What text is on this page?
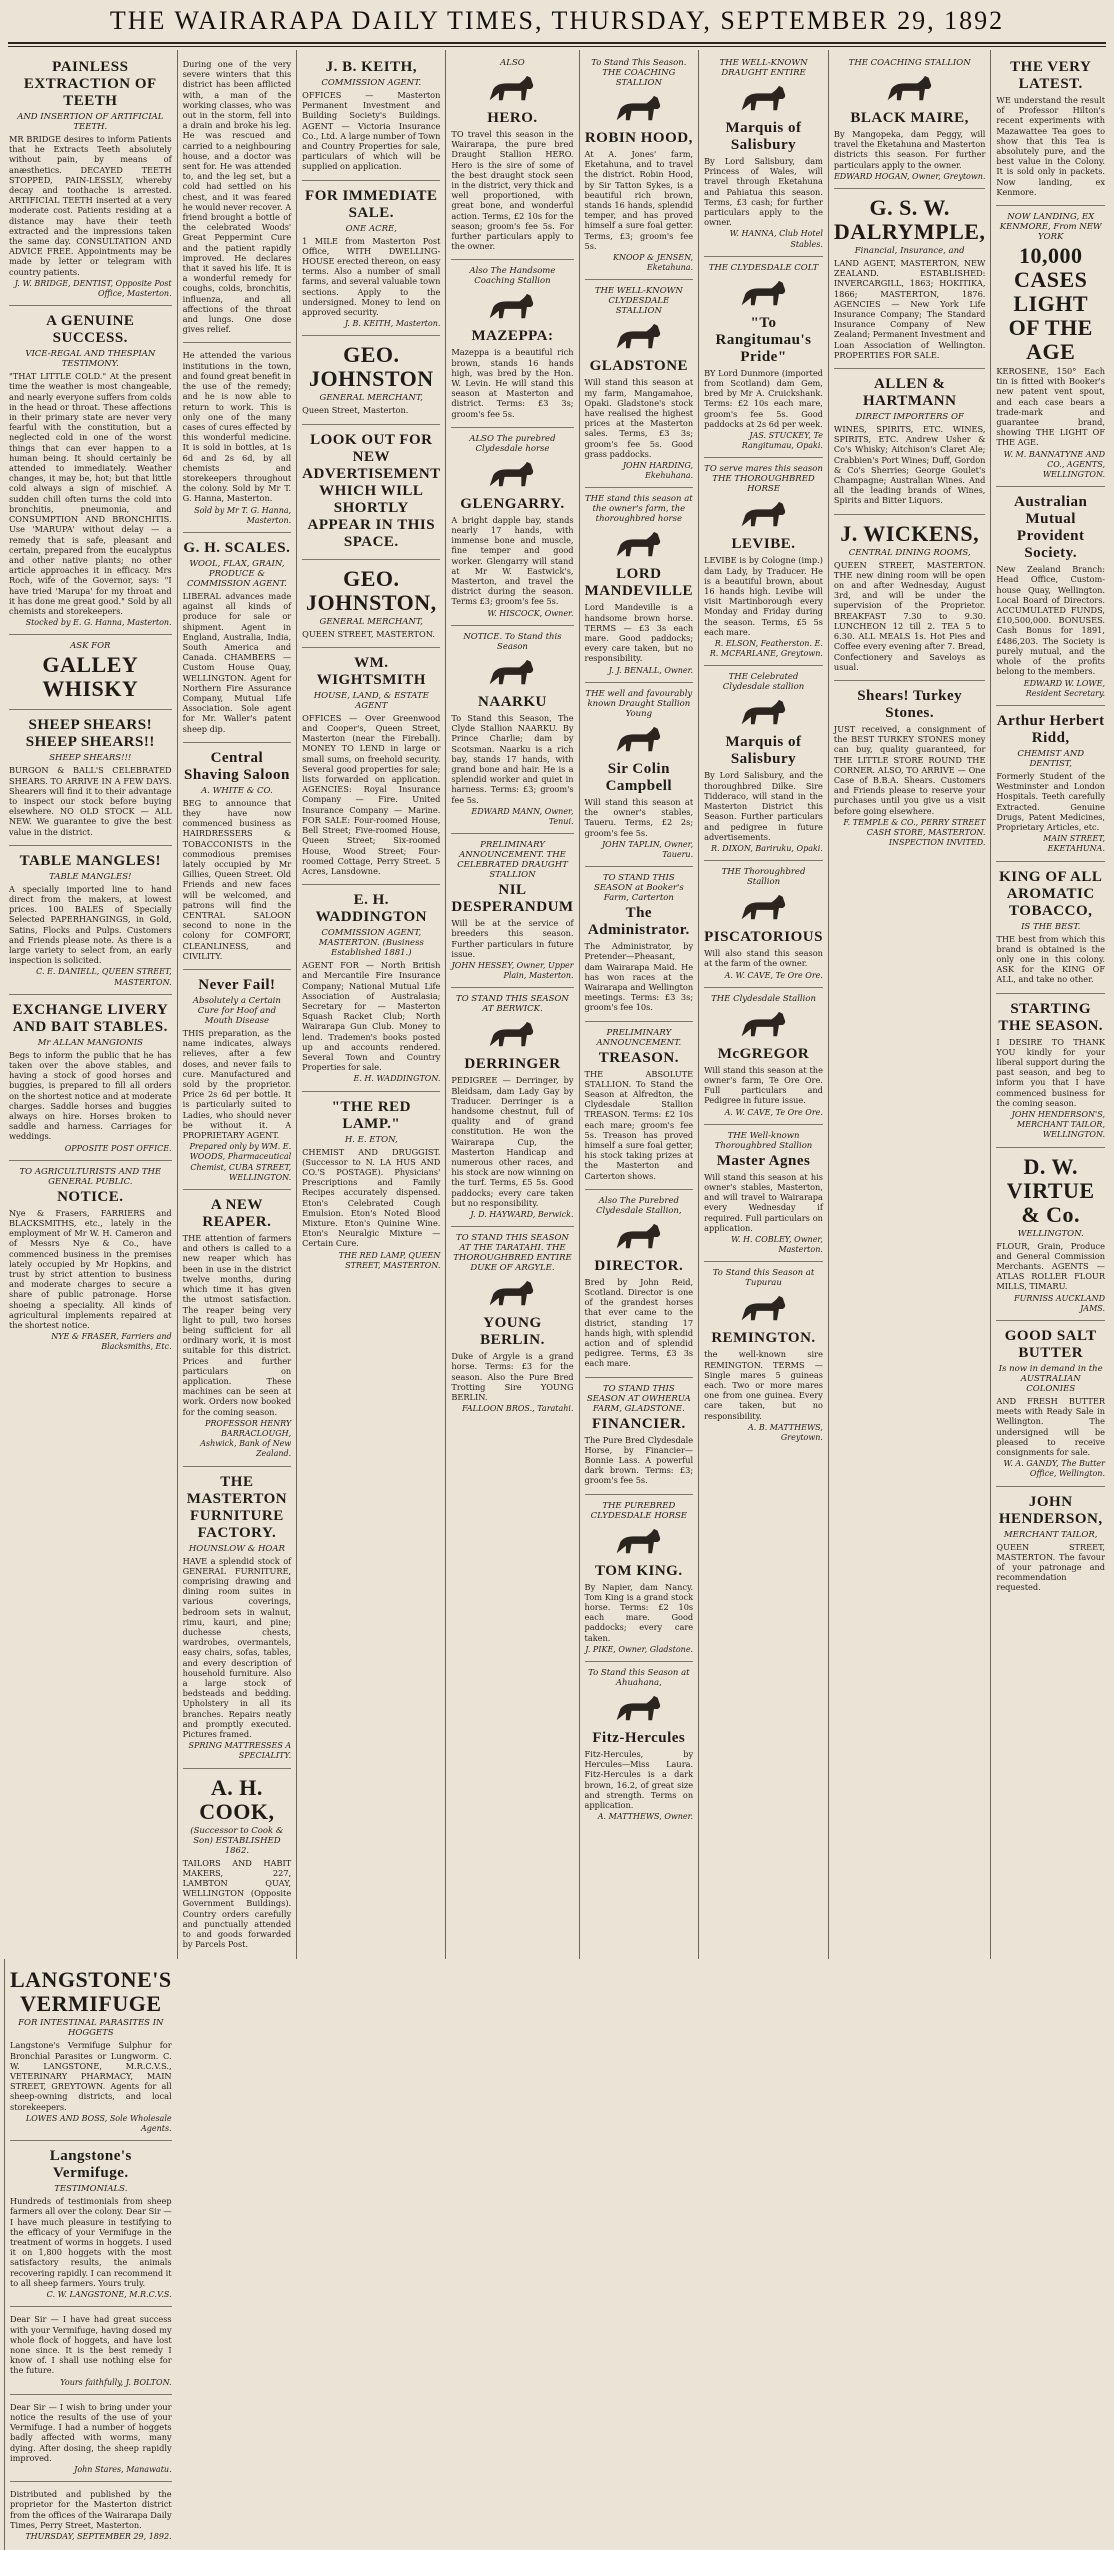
THE WAIRARAPA DAILY TIMES, THURSDAY, SEPTEMBER 29, 1892
PAINLESS EXTRACTION OF TEETH
AND INSERTION OF ARTIFICIAL TEETH.
MR BRIDGE desires to inform Patients that he Extracts Teeth absolutely without pain, by means of anæsthetics. DECAYED TEETH STOPPED, PAIN-LESSLY, whereby decay and toothache is arrested. ARTIFICIAL TEETH inserted at a very moderate cost. Patients residing at a distance may have their teeth extracted and the impressions taken the same day. CONSULTATION AND ADVICE FREE. Appointments may be made by letter or telegram with country patients.
J. W. BRIDGE, DENTIST, Opposite Post Office, Masterton.
A GENUINE SUCCESS.
VICE-REGAL AND THESPIAN TESTIMONY.
"THAT LITTLE COLD." At the present time the weather is most changeable, and nearly everyone suffers from colds in the head or throat. These affections in their primary state are never very fearful with the constitution, but a neglected cold in one of the worst things that can ever happen to a human being. It should certainly be attended to immediately. Weather changes, it may be, hot; but that little cold always a sign of mischief. A sudden chill often turns the cold into bronchitis, pneumonia, and CONSUMPTION AND BRONCHITIS. Use 'MARUPA' without delay — a remedy that is safe, pleasant and certain, prepared from the eucalyptus and other native plants; no other article approaches it in efficacy. Mrs Roch, wife of the Governor, says: "I have tried 'Marupa' for my throat and it has done me great good." Sold by all chemists and storekeepers.
Stocked by E. G. Hanna, Masterton.
ASK FOR
GALLEY WHISKY
SHEEP SHEARS! SHEEP SHEARS!!
SHEEP SHEARS!!!
BURGON & BALL'S CELEBRATED SHEARS. TO ARRIVE IN A FEW DAYS. Shearers will find it to their advantage to inspect our stock before buying elsewhere. NO OLD STOCK — ALL NEW. We guarantee to give the best value in the district.
TABLE MANGLES!
TABLE MANGLES!
A specially imported line to hand direct from the makers, at lowest prices. 100 BALES of Specially Selected PAPERHANGINGS, in Gold, Satins, Flocks and Pulps. Customers and Friends please note. As there is a large variety to select from, an early inspection is solicited.
C. E. DANIELL, QUEEN STREET, MASTERTON.
EXCHANGE LIVERY AND BAIT STABLES.
Mr ALLAN MANGIONIS
Begs to inform the public that he has taken over the above stables, and having a stock of good horses and buggies, is prepared to fill all orders on the shortest notice and at moderate charges. Saddle horses and buggies always on hire. Horses broken to saddle and harness. Carriages for weddings.
OPPOSITE POST OFFICE.
TO AGRICULTURISTS AND THE GENERAL PUBLIC.
NOTICE.
Nye & Frasers, FARRIERS and BLACKSMITHS, etc., lately in the employment of Mr W. H. Cameron and of Messrs Nye & Co., have commenced business in the premises lately occupied by Mr Hopkins, and trust by strict attention to business and moderate charges to secure a share of public patronage. Horse shoeing a speciality. All kinds of agricultural implements repaired at the shortest notice.
NYE & FRASER, Farriers and Blacksmiths, Etc.
During one of the very severe winters that this district has been afflicted with, a man of the working classes, who was out in the storm, fell into a drain and broke his leg. He was rescued and carried to a neighbouring house, and a doctor was sent for. He was attended to, and the leg set, but a cold had settled on his chest, and it was feared he would never recover. A friend brought a bottle of the celebrated Woods' Great Peppermint Cure and the patient rapidly improved. He declares that it saved his life. It is a wonderful remedy for coughs, colds, bronchitis, influenza, and all affections of the throat and lungs. One dose gives relief.
He attended the various institutions in the town, and found great benefit in the use of the remedy; and he is now able to return to work. This is only one of the many cases of cures effected by this wonderful medicine. It is sold in bottles, at 1s 6d and 2s 6d, by all chemists and storekeepers throughout the colony. Sold by Mr T. G. Hanna, Masterton.
Sold by Mr T. G. Hanna, Masterton.
G. H. SCALES.
WOOL, FLAX, GRAIN, PRODUCE & COMMISSION AGENT.
LIBERAL advances made against all kinds of produce for sale or shipment. Agent in England, Australia, India, South America and Canada. CHAMBERS — Custom House Quay, WELLINGTON. Agent for Northern Fire Assurance Company, Mutual Life Association. Sole agent for Mr. Waller's patent sheep dip.
Central Shaving Saloon
A. WHITE & CO.
BEG to announce that they have now commenced business as HAIRDRESSERS & TOBACCONISTS in the commodious premises lately occupied by Mr Gillies, Queen Street. Old Friends and new faces will be welcomed, and patrons will find the CENTRAL SALOON second to none in the colony for COMFORT, CLEANLINESS, and CIVILITY.
Never Fail!
Absolutely a Certain Cure for Hoof and Mouth Disease
THIS preparation, as the name indicates, always relieves, after a few doses, and never fails to cure. Manufactured and sold by the proprietor. Price 2s 6d per bottle. It is particularly suited to Ladies, who should never be without it. A PROPRIETARY AGENT.
Prepared only by WM. E. WOODS, Pharmaceutical Chemist, CUBA STREET, WELLINGTON.
A NEW REAPER.
THE attention of farmers and others is called to a new reaper which has been in use in the district twelve months, during which time it has given the utmost satisfaction. The reaper being very light to pull, two horses being sufficient for all ordinary work, it is most suitable for this district. Prices and further particulars on application. These machines can be seen at work. Orders now booked for the coming season.
PROFESSOR HENRY BARRACLOUGH, Ashwick, Bank of New Zealand.
THE MASTERTON FURNITURE FACTORY.
HOUNSLOW & HOAR
HAVE a splendid stock of GENERAL FURNITURE, comprising drawing and dining room suites in various coverings, bedroom sets in walnut, rimu, kauri, and pine; duchesse chests, wardrobes, overmantels, easy chairs, sofas, tables, and every description of household furniture. Also a large stock of bedsteads and bedding. Upholstery in all its branches. Repairs neatly and promptly executed. Pictures framed.
SPRING MATTRESSES A SPECIALITY.
A. H. COOK,
(Successor to Cook & Son) ESTABLISHED 1862.
TAILORS AND HABIT MAKERS, 227, LAMBTON QUAY, WELLINGTON (Opposite Government Buildings). Country orders carefully and punctually attended to and goods forwarded by Parcels Post.
J. B. KEITH,
COMMISSION AGENT.
OFFICES — Masterton Permanent Investment and Building Society's Buildings. AGENT — Victoria Insurance Co., Ltd. A large number of Town and Country Properties for sale, particulars of which will be supplied on application.
FOR IMMEDIATE SALE.
ONE ACRE,
1 MILE from Masterton Post Office, WITH DWELLING-HOUSE erected thereon, on easy terms. Also a number of small farms, and several valuable town sections. Apply to the undersigned. Money to lend on approved security.
J. B. KEITH, Masterton.
GEO. JOHNSTON
GENERAL MERCHANT,
Queen Street, Masterton.
LOOK OUT FOR NEW ADVERTISEMENT WHICH WILL SHORTLY APPEAR IN THIS SPACE.
GEO. JOHNSTON,
GENERAL MERCHANT,
QUEEN STREET, MASTERTON.
WM. WIGHTSMITH
HOUSE, LAND, & ESTATE AGENT
OFFICES — Over Greenwood and Cooper's, Queen Street, Masterton (near the Fireball). MONEY TO LEND in large or small sums, on freehold security. Several good properties for sale; lists forwarded on application. AGENCIES: Royal Insurance Company — Fire. United Insurance Company — Marine. FOR SALE: Four-roomed House, Bell Street; Five-roomed House, Queen Street; Six-roomed House, Wood Street; Four-roomed Cottage, Perry Street. 5 Acres, Lansdowne.
E. H. WADDINGTON
COMMISSION AGENT, MASTERTON. (Business Established 1881.)
AGENT FOR — North British and Mercantile Fire Insurance Company; National Mutual Life Association of Australasia; Secretary for — Masterton Squash Racket Club; North Wairarapa Gun Club. Money to lend. Trademen's books posted up and accounts rendered. Several Town and Country Properties for sale.
E. H. WADDINGTON.
"THE RED LAMP."
H. E. ETON,
CHEMIST AND DRUGGIST. (Successor to N. LA HUS AND CO.'S POSTAGE). Physicians' Prescriptions and Family Recipes accurately dispensed. Eton's Celebrated Cough Emulsion. Eton's Noted Blood Mixture. Eton's Quinine Wine. Eton's Neuralgic Mixture — Certain Cure.
THE RED LAMP, QUEEN STREET, MASTERTON.
ALSO
HERO.
TO travel this season in the Wairarapa, the pure bred Draught Stallion HERO. Hero is the sire of some of the best draught stock seen in the district, very thick and well proportioned, with great bone, and wonderful action. Terms, £2 10s for the season; groom's fee 5s. For further particulars apply to the owner.
Also The Handsome Coaching Stallion
MAZEPPA:
Mazeppa is a beautiful rich brown, stands 16 hands high, was bred by the Hon. W. Levin. He will stand this season at Masterton and district. Terms: £3 3s; groom's fee 5s.
ALSO The purebred Clydesdale horse
GLENGARRY.
A bright dapple bay, stands nearly 17 hands, with immense bone and muscle, fine temper and good worker. Glengarry will stand at Mr W. Eastwick's, Masterton, and travel the district during the season. Terms £3; groom's fee 5s.
W. HISCOCK, Owner.
NOTICE. To Stand this Season
NAARKU
To Stand this Season, The Clyde Stallion NAARKU. By Prince Charlie; dam by Scotsman. Naarku is a rich bay, stands 17 hands, with grand bone and hair. He is a splendid worker and quiet in harness. Terms: £3; groom's fee 5s.
EDWARD MANN, Owner, Tenui.
PRELIMINARY ANNOUNCEMENT. THE CELEBRATED DRAUGHT STALLION
NIL DESPERANDUM
Will be at the service of breeders this season. Further particulars in future issue.
JOHN HESSEY, Owner, Upper Plain, Masterton.
TO STAND THIS SEASON AT BERWICK.
DERRINGER
PEDIGREE — Derringer, by Bleidsam, dam Lady Gay by Traducer. Derringer is a handsome chestnut, full of quality and of grand constitution. He won the Wairarapa Cup, the Masterton Handicap and numerous other races, and his stock are now winning on the turf. Terms, £5 5s. Good paddocks; every care taken but no responsibility.
J. D. HAYWARD, Berwick.
TO STAND THIS SEASON AT THE TARATAHI. THE THOROUGHBRED ENTIRE DUKE OF ARGYLE.
YOUNG BERLIN.
Duke of Argyle is a grand horse. Terms: £3 for the season. Also the Pure Bred Trotting Sire YOUNG BERLIN.
FALLOON BROS., Taratahi.
To Stand This Season. THE COACHING STALLION
ROBIN HOOD,
At A. Jones' farm, Eketahuna, and to travel the district. Robin Hood, by Sir Tatton Sykes, is a beautiful rich brown, stands 16 hands, splendid temper, and has proved himself a sure foal getter. Terms, £3; groom's fee 5s.
KNOOP & JENSEN, Eketahuna.
THE WELL-KNOWN CLYDESDALE STALLION
GLADSTONE
Will stand this season at my farm, Mangamahoe, Opaki. Gladstone's stock have realised the highest prices at the Masterton sales. Terms, £3 3s; groom's fee 5s. Good grass paddocks.
JOHN HARDING, Ekehuhana.
THE stand this season at the owner's farm, the thoroughbred horse
LORD MANDEVILLE
Lord Mandeville is a handsome brown horse. TERMS — £3 3s each mare. Good paddocks; every care taken, but no responsibility.
J. J. BENALL, Owner.
THE well and favourably known Draught Stallion Young
Sir Colin Campbell
Will stand this season at the owner's stables, Taueru. Terms, £2 2s; groom's fee 5s.
JOHN TAPLIN, Owner, Taueru.
TO STAND THIS SEASON at Booker's Farm, Carterton
The Administrator.
The Administrator, by Pretender—Pheasant, dam Wairarapa Maid. He has won races at the Wairarapa and Wellington meetings. Terms: £3 3s; groom's fee 10s.
PRELIMINARY ANNOUNCEMENT.
TREASON.
THE ABSOLUTE STALLION. To Stand the Season at Alfredton, the Clydesdale Stallion TREASON. Terms: £2 10s each mare; groom's fee 5s. Treason has proved himself a sure foal getter, his stock taking prizes at the Masterton and Carterton shows.
Also The Purebred Clydesdale Stallion,
DIRECTOR.
Bred by John Reid, Scotland. Director is one of the grandest horses that ever came to the district, standing 17 hands high, with splendid action and of splendid pedigree. Terms, £3 3s each mare.
TO STAND THIS SEASON AT OWHERUA FARM, GLADSTONE.
FINANCIER.
The Pure Bred Clydesdale Horse, by Financier—Bonnie Lass. A powerful dark brown. Terms: £3; groom's fee 5s.
THE PUREBRED CLYDESDALE HORSE
TOM KING.
By Napier, dam Nancy. Tom King is a grand stock horse. Terms: £2 10s each mare. Good paddocks; every care taken.
J. PIKE, Owner, Gladstone.
To Stand this Season at Ahuahana,
Fitz-Hercules
Fitz-Hercules, by Hercules—Miss Laura. Fitz-Hercules is a dark brown, 16.2, of great size and strength. Terms on application.
A. MATTHEWS, Owner.
THE WELL-KNOWN DRAUGHT ENTIRE
Marquis of Salisbury
By Lord Salisbury, dam Princess of Wales, will travel through Eketahuna and Pahiatua this season. Terms, £3 cash; for further particulars apply to the owner.
W. HANNA, Club Hotel Stables.
THE CLYDESDALE COLT
"To Rangitumau's Pride"
BY Lord Dunmore (imported from Scotland) dam Gem, bred by Mr A. Cruickshank. Terms: £2 10s each mare, groom's fee 5s. Good paddocks at 2s 6d per week.
JAS. STUCKEY, Te Rangitumau, Opaki.
TO serve mares this season THE THOROUGHBRED HORSE
LEVIBE.
LEVIBE is by Cologne (imp.) dam Lady, by Traducer. He is a beautiful brown, about 16 hands high. Levibe will visit Martinborough every Monday and Friday during the season. Terms, £5 5s each mare.
R. ELSON, Featherston. E. R. MCFARLANE, Greytown.
THE Celebrated Clydesdale stallion
Marquis of Salisbury
By Lord Salisbury, and the thoroughbred Dilke. Sire Tidderaco, will stand in the Masterton District this Season. Further particulars and pedigree in future advertisements.
R. DIXON, Bariruku, Opaki.
THE Thoroughbred Stallion
PISCATORIOUS
Will also stand this season at the farm of the owner.
A. W. CAVE, Te Ore Ore.
THE Clydesdale Stallion
McGREGOR
Will stand this season at the owner's farm, Te Ore Ore. Full particulars and Pedigree in future issue.
A. W. CAVE, Te Ore Ore.
THE Well-known Thoroughbred Stallion
Master Agnes
Will stand this season at his owner's stables, Masterton, and will travel to Wairarapa every Wednesday if required. Full particulars on application.
W. H. COBLEY, Owner, Masterton.
To Stand this Season at Tupurau
REMINGTON.
the well-known sire REMINGTON. TERMS — Single mares 5 guineas each. Two or more mares one from one guinea. Every care taken, but no responsibility.
A. B. MATTHEWS, Greytown.
THE COACHING STALLION
BLACK MAIRE,
By Mangopeka, dam Peggy, will travel the Eketahuna and Masterton districts this season. For further particulars apply to the owner.
EDWARD HOGAN, Owner, Greytown.
G. S. W. DALRYMPLE,
Financial, Insurance, and
LAND AGENT, MASTERTON, NEW ZEALAND. ESTABLISHED: INVERCARGILL, 1863; HOKITIKA, 1866; MASTERTON, 1876. AGENCIES — New York Life Insurance Company; The Standard Insurance Company of New Zealand; Permanent Investment and Loan Association of Wellington. PROPERTIES FOR SALE.
ALLEN & HARTMANN
DIRECT IMPORTERS OF
WINES, SPIRITS, ETC. WINES, SPIRITS, ETC. Andrew Usher & Co's Whisky; Aitchison's Claret Ale; Crabbien's Port Wines; Duff, Gordon & Co's Sherries; George Goulet's Champagne; Australian Wines. And all the leading brands of Wines, Spirits and Bitter Liquors.
J. WICKENS,
CENTRAL DINING ROOMS,
QUEEN STREET, MASTERTON. THE new dining room will be open on and after Wednesday, August 3rd, and will be under the supervision of the Proprietor. BREAKFAST 7.30 to 9.30. LUNCHEON 12 till 2. TEA 5 to 6.30. ALL MEALS 1s. Hot Pies and Coffee every evening after 7. Bread, Confectionery and Saveloys as usual.
Shears! Turkey Stones.
JUST received, a consignment of the BEST TURKEY STONES money can buy, quality guaranteed, for THE LITTLE STORE ROUND THE CORNER. ALSO, TO ARRIVE — One Case of B.B.A. Shears. Customers and Friends please to reserve your purchases until you give us a visit before going elsewhere.
F. TEMPLE & CO., PERRY STREET CASH STORE, MASTERTON. INSPECTION INVITED.
THE VERY LATEST.
WE understand the result of Professor Hilton's recent experiments with Mazawattee Tea goes to show that this Tea is absolutely pure, and the best value in the Colony. It is sold only in packets. Now landing, ex Kenmore.
NOW LANDING, EX KENMORE, From NEW YORK
10,000 CASES LIGHT OF THE AGE
KEROSENE, 150° Each tin is fitted with Booker's new patent vent spout, and each case bears a trade-mark and guarantee brand, showing THE LIGHT OF THE AGE.
W. M. BANNATYNE AND CO., AGENTS, WELLINGTON.
Australian Mutual Provident Society.
New Zealand Branch: Head Office, Custom-house Quay, Wellington. Local Board of Directors. ACCUMULATED FUNDS, £10,500,000. BONUSES. Cash Bonus for 1891, £486,203. The Society is purely mutual, and the whole of the profits belong to the members.
EDWARD W. LOWE, Resident Secretary.
Arthur Herbert Ridd,
CHEMIST AND DENTIST,
Formerly Student of the Westminster and London Hospitals. Teeth carefully Extracted. Genuine Drugs, Patent Medicines, Proprietary Articles, etc.
MAIN STREET, EKETAHUNA.
KING OF ALL AROMATIC TOBACCO,
IS THE BEST.
THE best from which this brand is obtained is the only one in this colony. ASK for the KING OF ALL, and take no other.
STARTING THE SEASON.
I DESIRE TO THANK YOU kindly for your liberal support during the past season, and beg to inform you that I have commenced business for the coming season.
JOHN HENDERSON'S, MERCHANT TAILOR, WELLINGTON.
D. W. VIRTUE & Co.
WELLINGTON.
FLOUR, Grain, Produce and General Commission Merchants. AGENTS — ATLAS ROLLER FLOUR MILLS, TIMARU.
FURNISS AUCKLAND JAMS.
GOOD SALT BUTTER
Is now in demand in the AUSTRALIAN COLONIES
AND FRESH BUTTER meets with Ready Sale in Wellington. The undersigned will be pleased to receive consignments for sale.
W. A. GANDY, The Butter Office, Wellington.
JOHN HENDERSON,
MERCHANT TAILOR,
QUEEN STREET, MASTERTON. The favour of your patronage and recommendation requested.
LANGSTONE'S VERMIFUGE
FOR INTESTINAL PARASITES IN HOGGETS
Langstone's Vermifuge Sulphur for Bronchial Parasites or Lungworm. C. W. LANGSTONE, M.R.C.V.S., VETERINARY PHARMACY, MAIN STREET, GREYTOWN. Agents for all sheep-owning districts, and local storekeepers.
LOWES AND BOSS, Sole Wholesale Agents.
Langstone's Vermifuge.
TESTIMONIALS.
Hundreds of testimonials from sheep farmers all over the colony. Dear Sir — I have much pleasure in testifying to the efficacy of your Vermifuge in the treatment of worms in hoggets. I used it on 1,800 hoggets with the most satisfactory results, the animals recovering rapidly. I can recommend it to all sheep farmers. Yours truly.
C. W. LANGSTONE, M.R.C.V.S.
Dear Sir — I have had great success with your Vermifuge, having dosed my whole flock of hoggets, and have lost none since. It is the best remedy I know of. I shall use nothing else for the future.
Yours faithfully, J. BOLTON.
Dear Sir — I wish to bring under your notice the results of the use of your Vermifuge. I had a number of hoggets badly affected with worms, many dying. After dosing, the sheep rapidly improved.
John Stares, Manawatu.
Distributed and published by the proprietor for the Masterton district from the offices of the Wairarapa Daily Times, Perry Street, Masterton.
THURSDAY, SEPTEMBER 29, 1892.
